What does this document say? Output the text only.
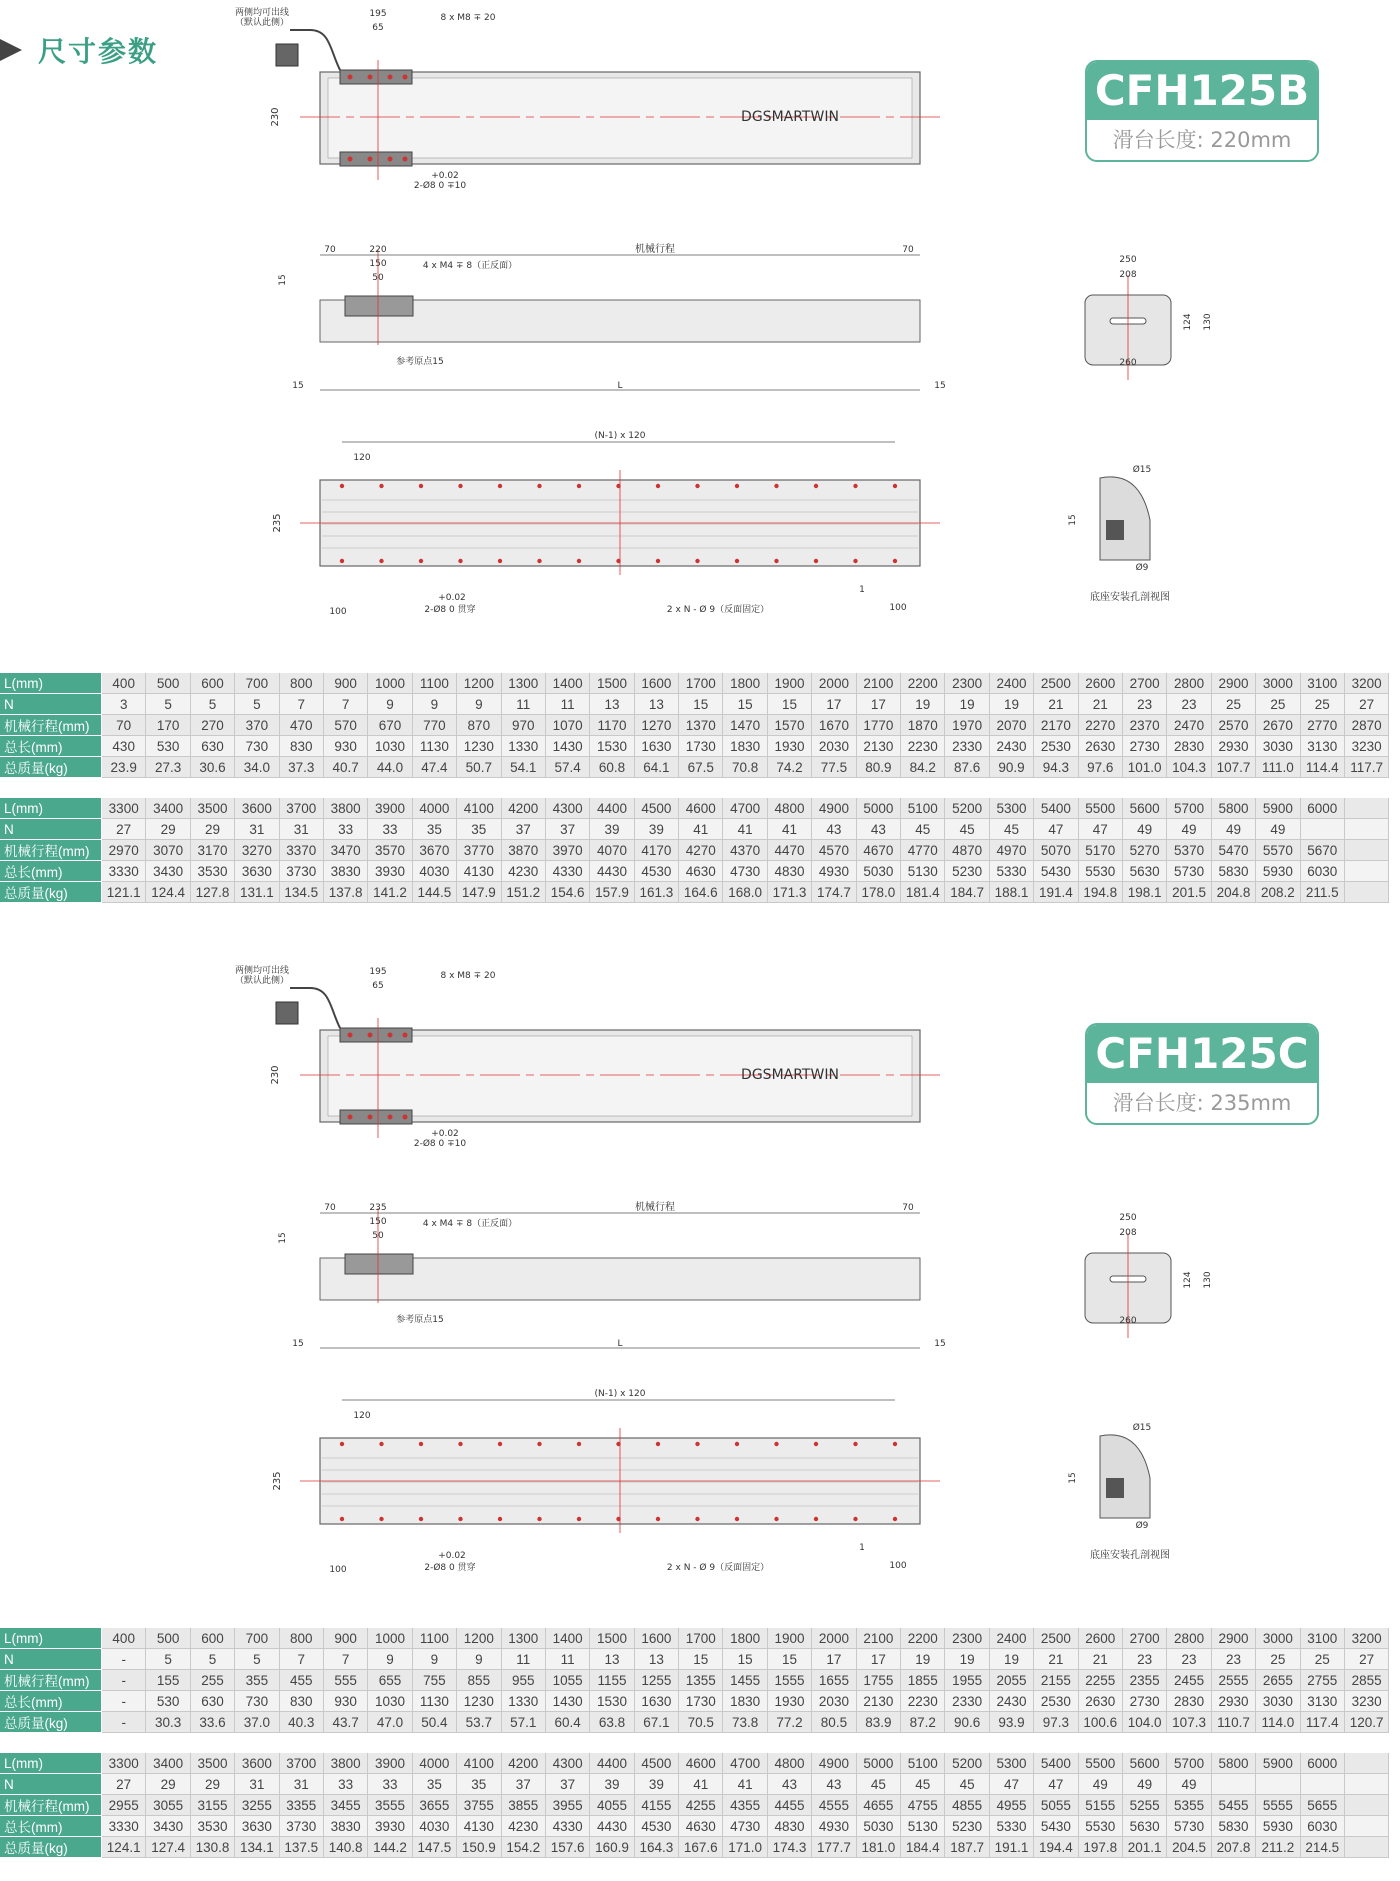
尺寸参数
CFH125B
滑台长度: 220mm
CFH125C
滑台长度: 235mm
两侧均可出线
（默认此侧）
195
65
8 x M8 ∓ 20
230	DGSMARTWIN
+0.02
2-Ø8 0 ∓10
70	220
150
50
4 x M4 ∓ 8（正反面）
机械行程	70
15
参考原点15
15	L	15
(N-1) x 120
120
235
100
+0.02
2-Ø8 0 贯穿	2 x N - Ø 9（反面固定）
1
100
250
208
124 130
260
Ø15
15
Ø9
底座安装孔剖视图
两侧均可出线
（默认此侧）
195
65
8 x M8 ∓ 20
230	DGSMARTWIN
+0.02
2-Ø8 0 ∓10
70	235
150
50
4 x M4 ∓ 8（正反面）
机械行程	70
15
参考原点15
15	L	15
(N-1) x 120
120
235
100
+0.02
2-Ø8 0 贯穿	2 x N - Ø 9（反面固定）
1
100
250
208
124 130
260
Ø15
15
Ø9
底座安装孔剖视图
L(mm)	400	500	600	700	800	900	1000	1100	1200	1300	1400	1500	1600	1700	1800	1900	2000	2100	2200	2300	2400	2500	2600	2700	2800	2900	3000	3100	3200
N	3	5	5	5	7	7	9	9	9	11	11	13	13	15	15	15	17	17	19	19	19	21	21	23	23	25	25	25	27
机械行程(mm)	70	170	270	370	470	570	670	770	870	970	1070	1170	1270	1370	1470	1570	1670	1770	1870	1970	2070	2170	2270	2370	2470	2570	2670	2770	2870
总长(mm)	430	530	630	730	830	930	1030	1130	1230	1330	1430	1530	1630	1730	1830	1930	2030	2130	2230	2330	2430	2530	2630	2730	2830	2930	3030	3130	3230
总质量(kg)	23.9	27.3	30.6	34.0	37.3	40.7	44.0	47.4	50.7	54.1	57.4	60.8	64.1	67.5	70.8	74.2	77.5	80.9	84.2	87.6	90.9	94.3	97.6	101.0	104.3	107.7	111.0	114.4	117.7
L(mm)	3300	3400	3500	3600	3700	3800	3900	4000	4100	4200	4300	4400	4500	4600	4700	4800	4900	5000	5100	5200	5300	5400	5500	5600	5700	5800	5900	6000	
N	27	29	29	31	31	33	33	35	35	37	37	39	39	41	41	41	43	43	45	45	45	47	47	49	49	49	49		
机械行程(mm)	2970	3070	3170	3270	3370	3470	3570	3670	3770	3870	3970	4070	4170	4270	4370	4470	4570	4670	4770	4870	4970	5070	5170	5270	5370	5470	5570	5670	
总长(mm)	3330	3430	3530	3630	3730	3830	3930	4030	4130	4230	4330	4430	4530	4630	4730	4830	4930	5030	5130	5230	5330	5430	5530	5630	5730	5830	5930	6030	
总质量(kg)	121.1	124.4	127.8	131.1	134.5	137.8	141.2	144.5	147.9	151.2	154.6	157.9	161.3	164.6	168.0	171.3	174.7	178.0	181.4	184.7	188.1	191.4	194.8	198.1	201.5	204.8	208.2	211.5	
L(mm)	400	500	600	700	800	900	1000	1100	1200	1300	1400	1500	1600	1700	1800	1900	2000	2100	2200	2300	2400	2500	2600	2700	2800	2900	3000	3100	3200
N	-	5	5	5	7	7	9	9	9	11	11	13	13	15	15	15	17	17	19	19	19	21	21	23	23	23	25	25	27
机械行程(mm)	-	155	255	355	455	555	655	755	855	955	1055	1155	1255	1355	1455	1555	1655	1755	1855	1955	2055	2155	2255	2355	2455	2555	2655	2755	2855
总长(mm)	-	530	630	730	830	930	1030	1130	1230	1330	1430	1530	1630	1730	1830	1930	2030	2130	2230	2330	2430	2530	2630	2730	2830	2930	3030	3130	3230
总质量(kg)	-	30.3	33.6	37.0	40.3	43.7	47.0	50.4	53.7	57.1	60.4	63.8	67.1	70.5	73.8	77.2	80.5	83.9	87.2	90.6	93.9	97.3	100.6	104.0	107.3	110.7	114.0	117.4	120.7
L(mm)	3300	3400	3500	3600	3700	3800	3900	4000	4100	4200	4300	4400	4500	4600	4700	4800	4900	5000	5100	5200	5300	5400	5500	5600	5700	5800	5900	6000	
N	27	29	29	31	31	33	33	35	35	37	37	39	39	41	41	43	43	45	45	45	47	47	49	49	49				
机械行程(mm)	2955	3055	3155	3255	3355	3455	3555	3655	3755	3855	3955	4055	4155	4255	4355	4455	4555	4655	4755	4855	4955	5055	5155	5255	5355	5455	5555	5655	
总长(mm)	3330	3430	3530	3630	3730	3830	3930	4030	4130	4230	4330	4430	4530	4630	4730	4830	4930	5030	5130	5230	5330	5430	5530	5630	5730	5830	5930	6030	
总质量(kg)	124.1	127.4	130.8	134.1	137.5	140.8	144.2	147.5	150.9	154.2	157.6	160.9	164.3	167.6	171.0	174.3	177.7	181.0	184.4	187.7	191.1	194.4	197.8	201.1	204.5	207.8	211.2	214.5	
